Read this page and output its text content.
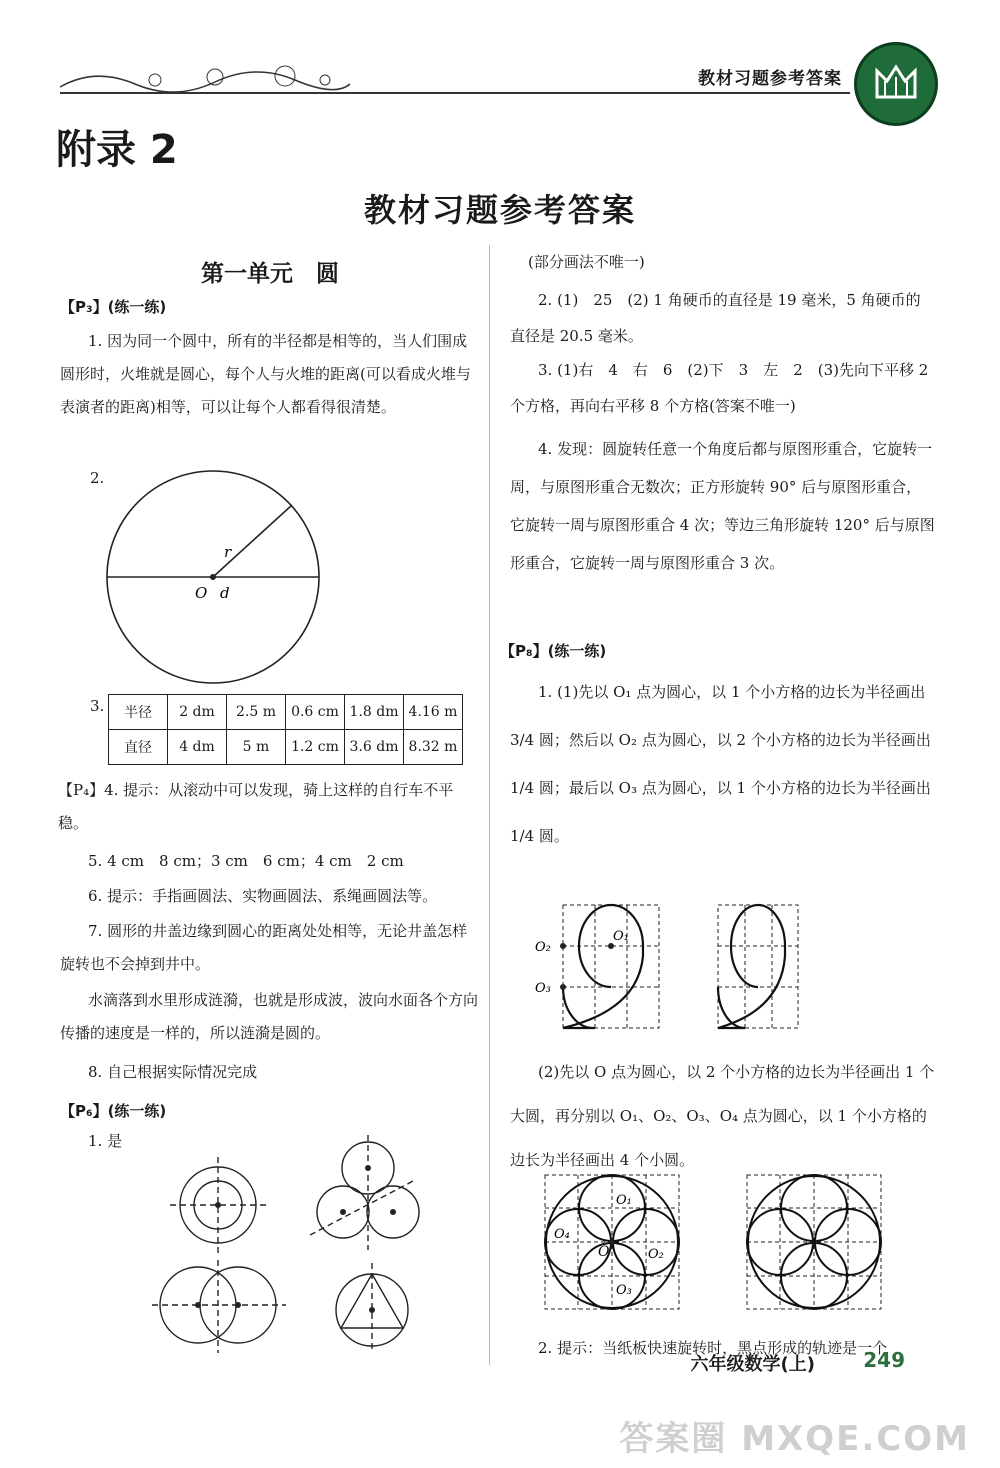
教材习题参考答案
附录 2
教材习题参考答案
第一单元　圆
【P₃】(练一练)

1. 因为同一个圆中，所有的半径都是相等的，当人们围成圆形时，火堆就是圆心，每个人与火堆的距离(可以看成火堆与表演者的距离)相等，可以让每个人都看得很清楚。

2.
r
O d
3. 半径	2 dm	2.5 m	0.6 cm	1.8 dm	4.16 m
直径	4 dm	5 m	1.2 cm	3.6 dm	8.32 m

【P₄】4. 提示：从滚动中可以发现，骑上这样的自行车不平稳。

5. 4 cm　8 cm；3 cm　6 cm；4 cm　2 cm

6. 提示：手指画圆法、实物画圆法、系绳画圆法等。

7. 圆形的井盖边缘到圆心的距离处处相等，无论井盖怎样旋转也不会掉到井中。

水滴落到水里形成涟漪，也就是形成波，波向水面各个方向传播的速度是一样的，所以涟漪是圆的。

8. 自己根据实际情况完成

【P₆】(练一练)

1. 是

(部分画法不唯一)

2. (1)　25　(2) 1 角硬币的直径是 19 毫米，5 角硬币的直径是 20.5 毫米。

3. (1)右　4　右　6　(2)下　3　左　2　(3)先向下平移 2 个方格，再向右平移 8 个方格(答案不唯一)

4. 发现：圆旋转任意一个角度后都与原图形重合，它旋转一周，与原图形重合无数次；正方形旋转 90° 后与原图形重合，它旋转一周与原图形重合 4 次；等边三角形旋转 120° 后与原图形重合，它旋转一周与原图形重合 3 次。

【P₈】(练一练)

1. (1)先以 O₁ 点为圆心，以 1 个小方格的边长为半径画出 3/4 圆；然后以 O₂ 点为圆心，以 2 个小方格的边长为半径画出 1/4 圆；最后以 O₃ 点为圆心，以 1 个小方格的边长为半径画出 1/4 圆。

O₂
O₁
O₃

(2)先以 O 点为圆心，以 2 个小方格的边长为半径画出 1 个大圆，再分别以 O₁、O₂、O₃、O₄ 点为圆心，以 1 个小方格的边长为半径画出 4 个小圆。

O
O₁
O₂
O₃
O₄

2. 提示：当纸板快速旋转时，黑点形成的轨迹是一个

六年级数学(上) 249
答案圈 MXQE.COM
